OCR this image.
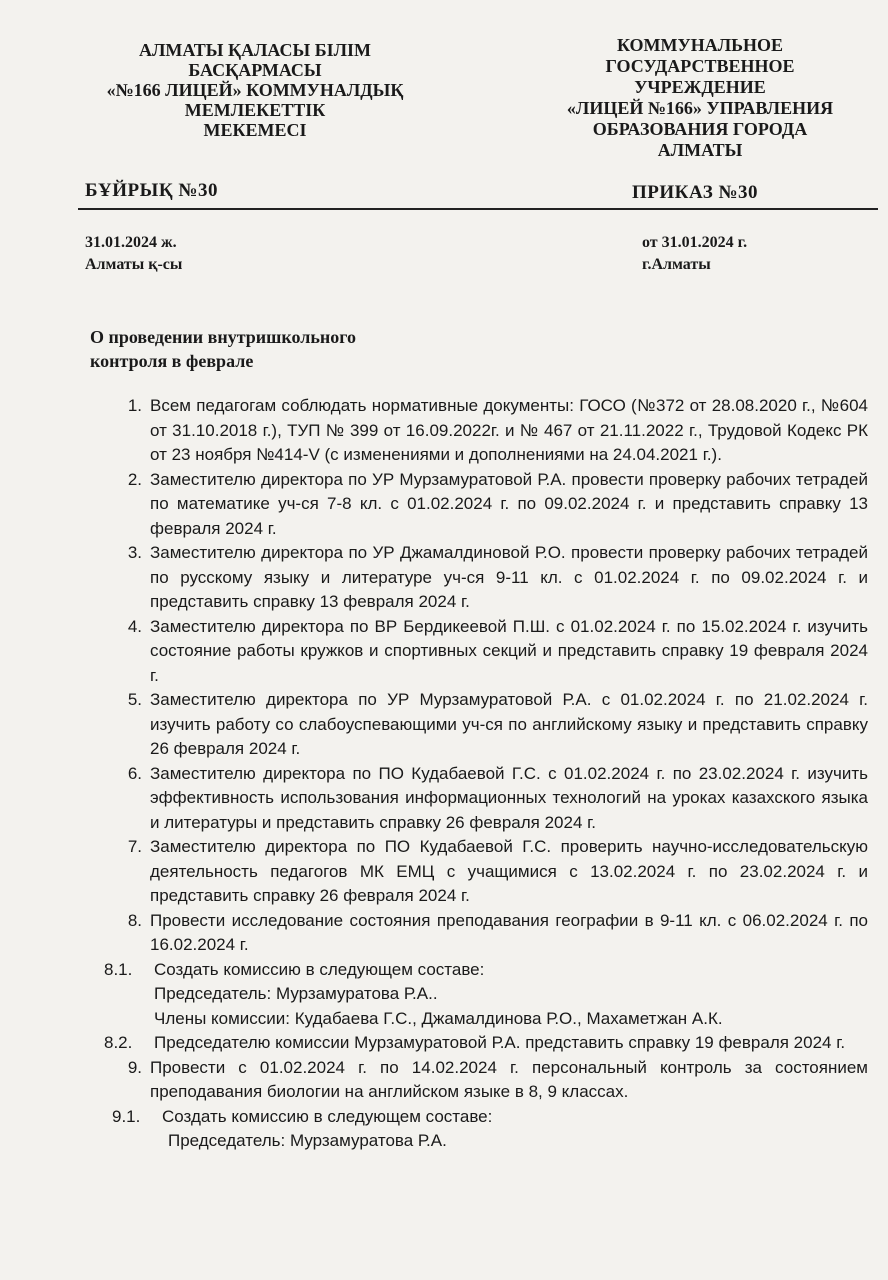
АЛМАТЫ ҚАЛАСЫ БІЛІМ
БАСҚАРМАСЫ
«№166 ЛИЦЕЙ» КОММУНАЛДЫҚ
МЕМЛЕКЕТТІК
МЕКЕМЕСІ
КОММУНАЛЬНОЕ
ГОСУДАРСТВЕННОЕ
УЧРЕЖДЕНИЕ
«ЛИЦЕЙ №166» УПРАВЛЕНИЯ
ОБРАЗОВАНИЯ ГОРОДА
АЛМАТЫ
БҰЙРЫҚ №30	ПРИКАЗ №30
31.01.2024 ж.
Алматы қ-сы
от 31.01.2024 г.
г.Алматы
О проведении внутришкольного
контроля в феврале
1. Всем педагогам соблюдать нормативные документы: ГОСО (№372 от 28.08.2020 г., №604 от 31.10.2018 г.), ТУП № 399 от 16.09.2022г. и № 467 от 21.11.2022 г., Трудовой Кодекс РК от 23 ноября №414-V (с изменениями и дополнениями на 24.04.2021 г.).
2. Заместителю директора по УР Мурзамуратовой Р.А. провести проверку рабочих тетрадей по математике уч-ся 7-8 кл. с 01.02.2024 г. по 09.02.2024 г. и представить справку 13 февраля 2024 г.
3. Заместителю директора по УР Джамалдиновой Р.О. провести проверку рабочих тетрадей по русскому языку и литературе уч-ся 9-11 кл. с 01.02.2024 г. по 09.02.2024 г. и представить справку 13 февраля 2024 г.
4. Заместителю директора по ВР Бердикеевой П.Ш. с 01.02.2024 г. по 15.02.2024 г. изучить состояние работы кружков и спортивных секций и представить справку 19 февраля 2024 г.
5. Заместителю директора по УР Мурзамуратовой Р.А. с 01.02.2024 г. по 21.02.2024 г. изучить работу со слабоуспевающими уч-ся по английскому языку и представить справку 26 февраля 2024 г.
6. Заместителю директора по ПО Кудабаевой Г.С. с 01.02.2024 г. по 23.02.2024 г. изучить эффективность использования информационных технологий на уроках казахского языка и литературы и представить справку 26 февраля 2024 г.
7. Заместителю директора по ПО Кудабаевой Г.С. проверить научно-исследовательскую деятельность педагогов МК ЕМЦ с учащимися с 13.02.2024 г. по 23.02.2024 г. и представить справку 26 февраля 2024 г.
8. Провести исследование состояния преподавания географии в 9-11 кл. с 06.02.2024 г. по 16.02.2024 г.
8.1.	Создать комиссию в следующем составе:
Председатель: Мурзамуратова Р.А..
Члены комиссии: Кудабаева Г.С., Джамалдинова Р.О., Махаметжан А.К.
8.2.	Председателю комиссии Мурзамуратовой Р.А. представить справку 19 февраля 2024 г.
9. Провести с 01.02.2024 г. по 14.02.2024 г. персональный контроль за состоянием преподавания биологии на английском языке в 8, 9 классах.
9.1.	Создать комиссию в следующем составе:
Председатель: Мурзамуратова Р.А.
